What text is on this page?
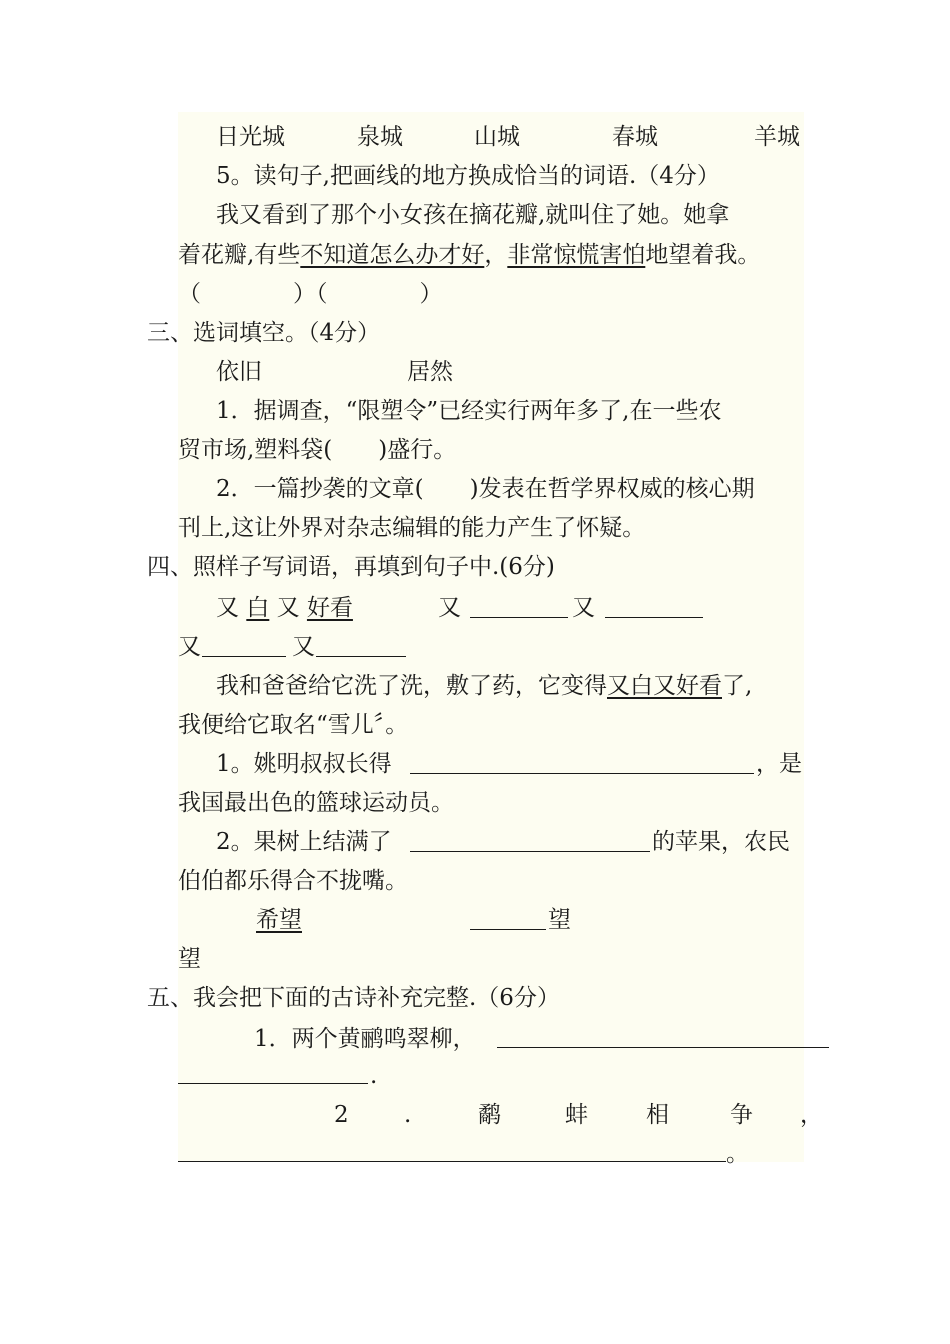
日光城	泉城	山城	春城	羊城
5。读句子,把画线的地方换成恰当的词语.（4分）
我又看到了那个小女孩在摘花瓣,就叫住了她。她拿
着花瓣,有些不知道怎么办才好，非常惊慌害怕地望着我。
（　　　　）（　　　　）
三、选词填空。（4分）
依旧	居然
1．据调查，“限塑令”已经实行两年多了,在一些农
贸市场,塑料袋(　　)盛行。
2．一篇抄袭的文章(　　)发表在哲学界权威的核心期
刊上,这让外界对杂志编辑的能力产生了怀疑。
四、照样子写词语，再填到句子中.(6分)
又 白 又 好看	又	又
又	又
我和爸爸给它洗了洗，敷了药，它变得又白又好看了,
我便给它取名“雪儿〞。
1。姚明叔叔长得	，是
我国最出色的篮球运动员。
2。果树上结满了	的苹果，农民
伯伯都乐得合不拢嘴。
希望	望
望
五、我会把下面的古诗补充完整.（6分）
1．两个黄鹂鸣翠柳，
.
2 .	鹬	蚌	相	争 ，
。
